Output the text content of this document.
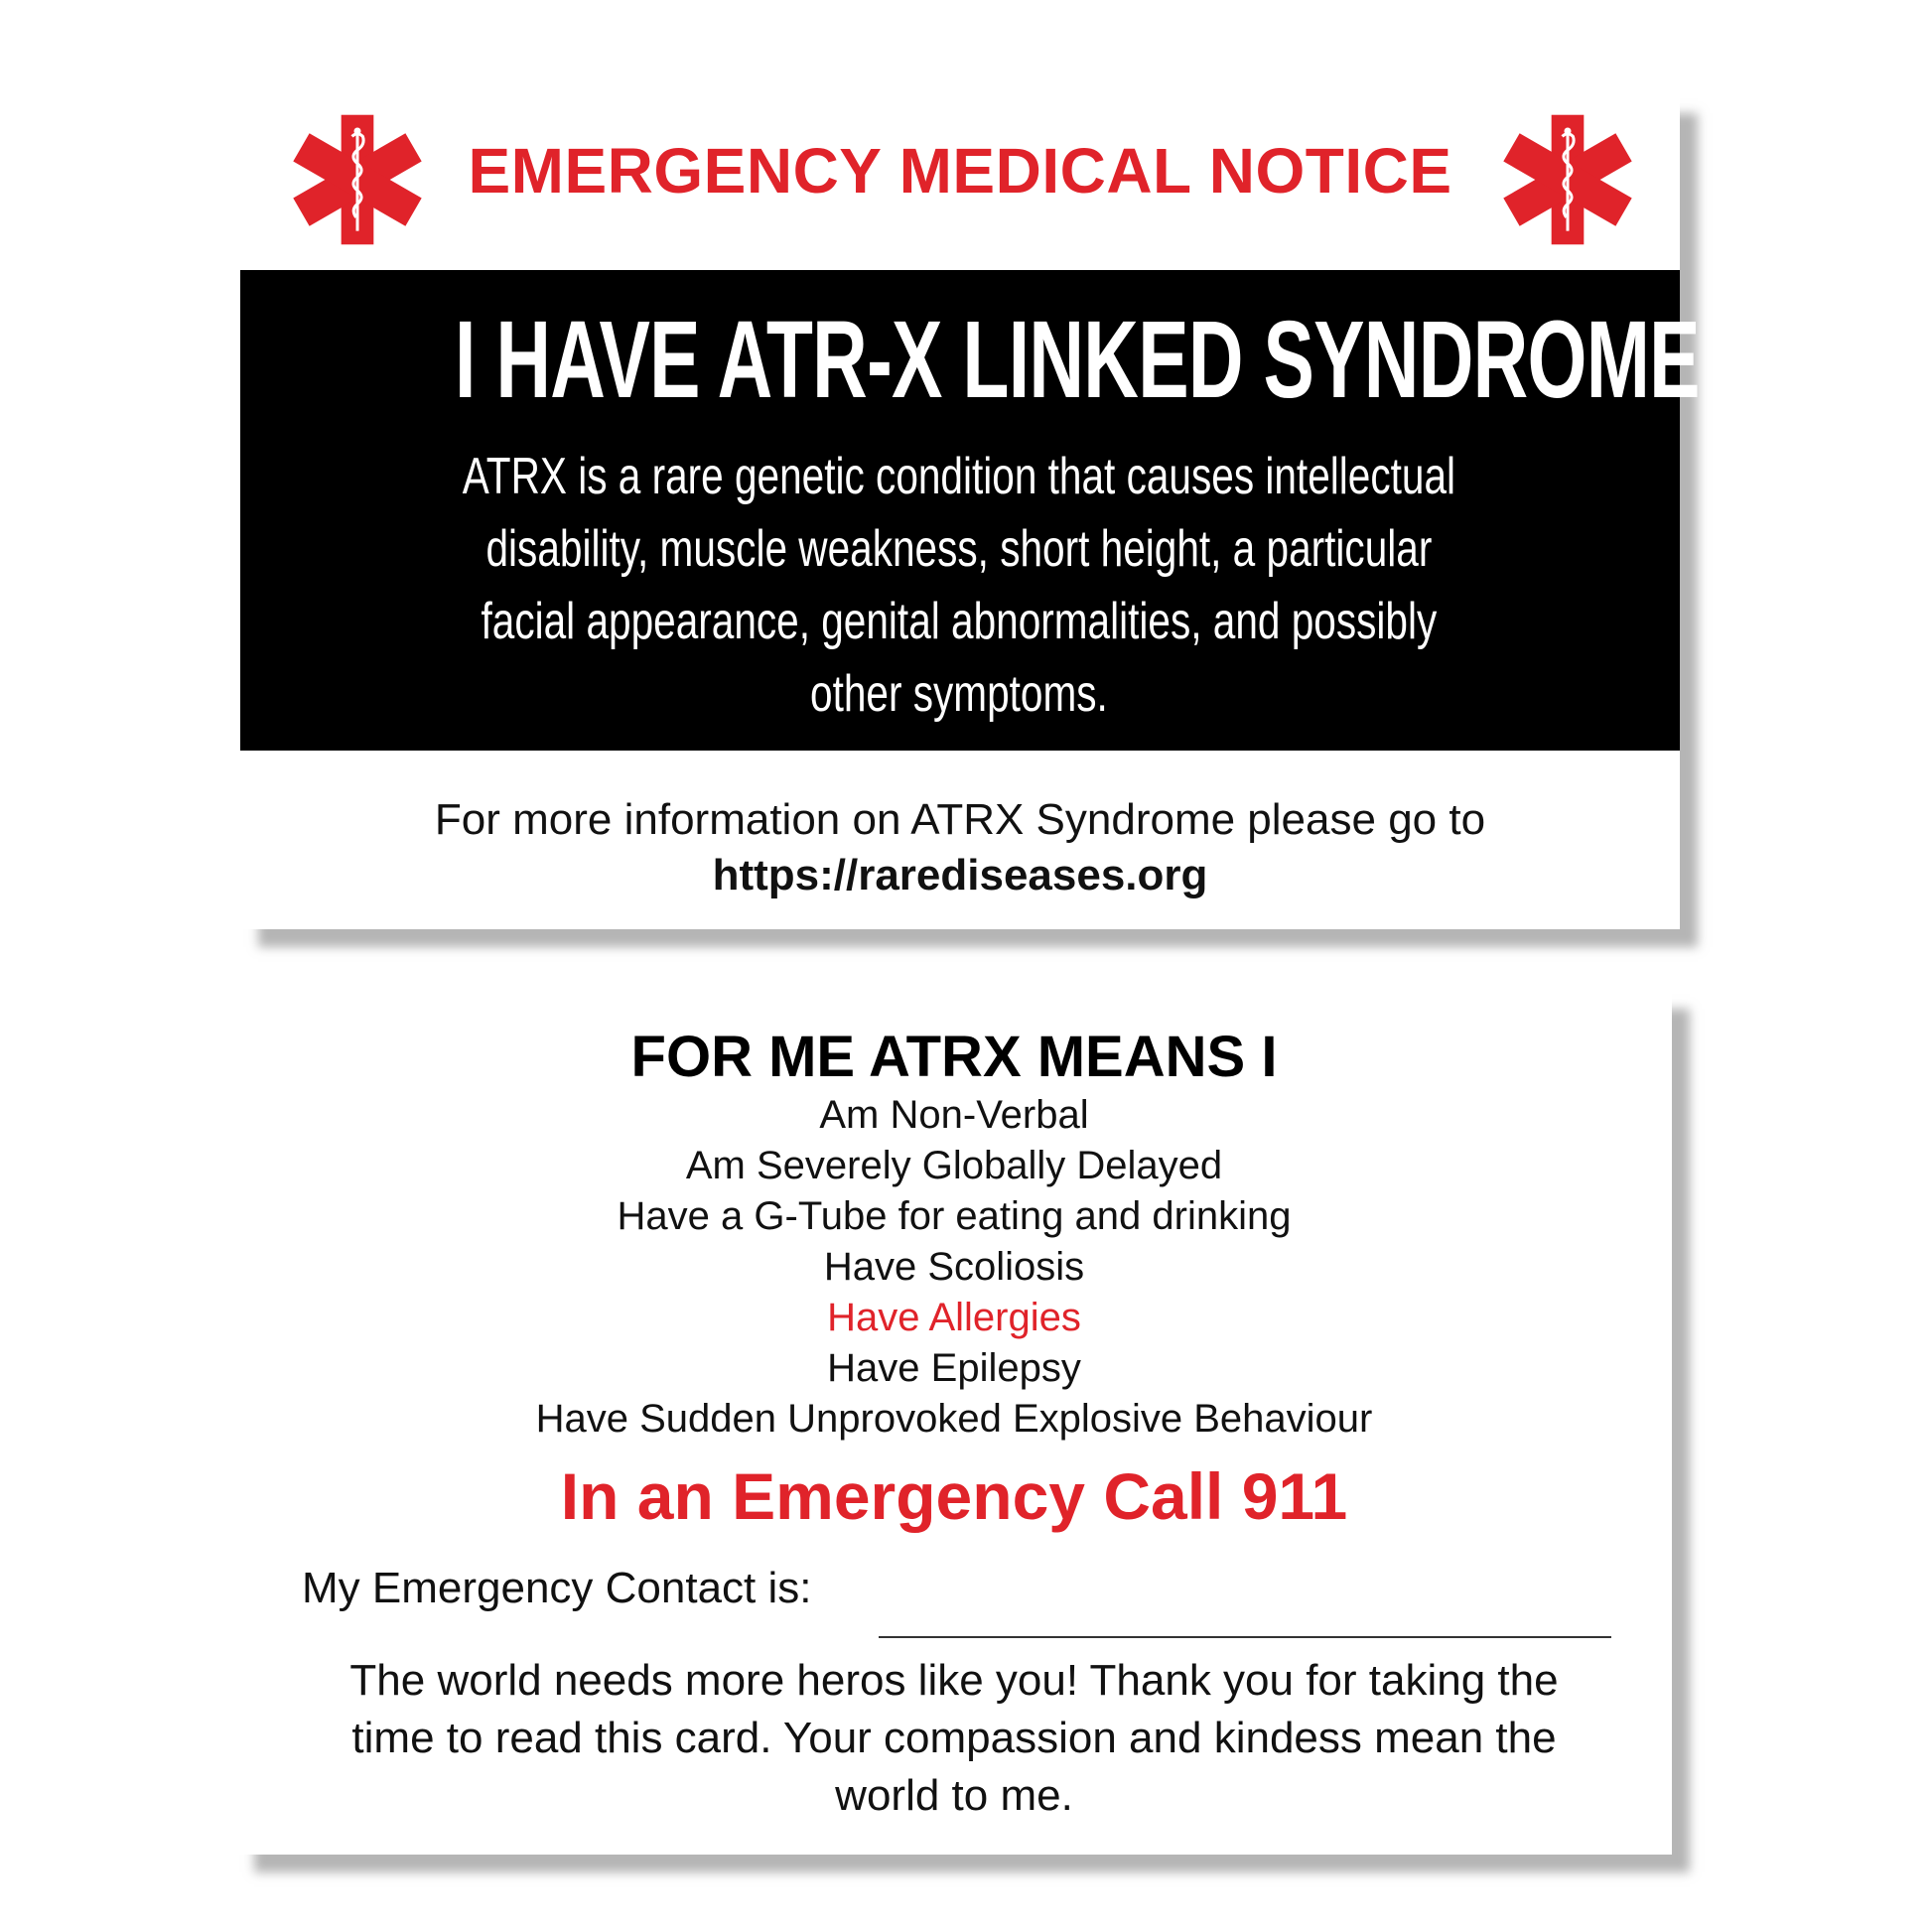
EMERGENCY MEDICAL NOTICE
I HAVE ATR-X LINKED SYNDROME
ATRX is a rare genetic condition that causes intellectual
disability, muscle weakness, short height, a particular
facial appearance, genital abnormalities, and possibly
other symptoms.
For more information on ATRX Syndrome please go to
https://rarediseases.org
FOR ME ATRX MEANS I
Am Non-Verbal
Am Severely Globally Delayed
Have a G-Tube for eating and drinking
Have Scoliosis
Have Allergies
Have Epilepsy
Have Sudden Unprovoked Explosive Behaviour
In an Emergency Call 911
My Emergency Contact is:
The world needs more heros like you! Thank you for taking the
time to read this card. Your compassion and kindess mean the
world to me.
